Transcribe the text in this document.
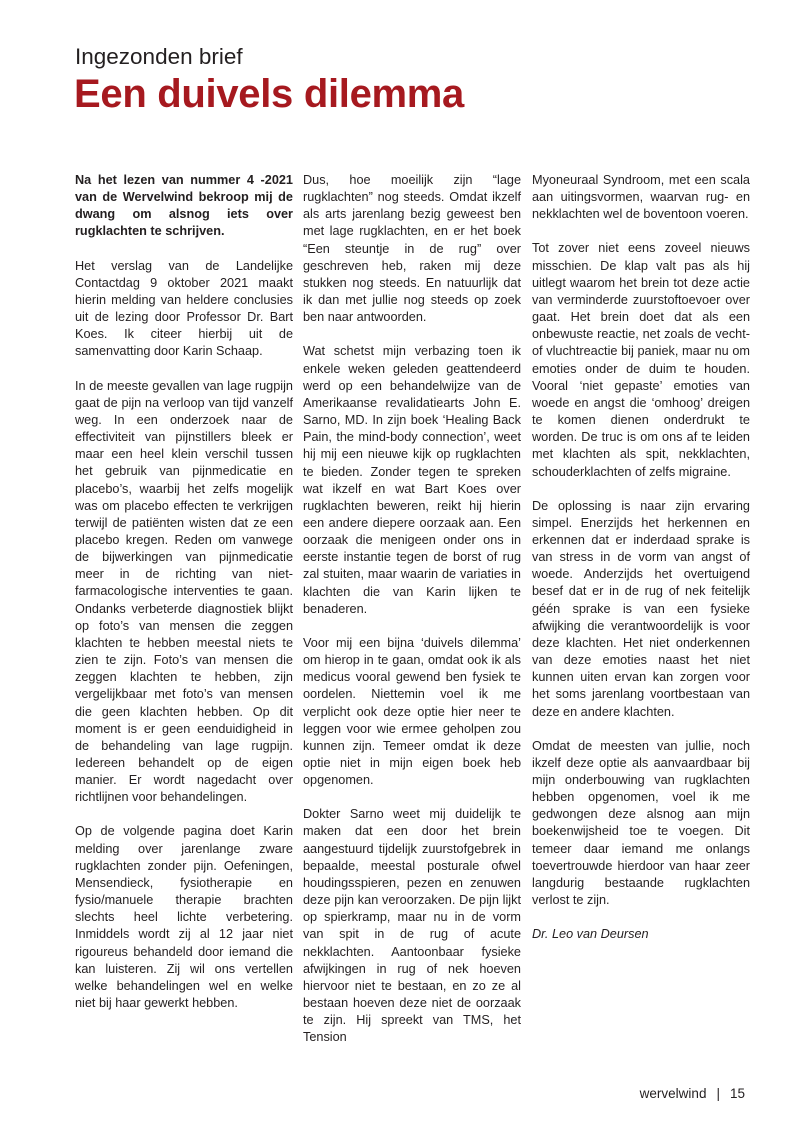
Ingezonden brief
Een duivels dilemma

Na het lezen van nummer 4 -2021 van de Wervelwind bekroop mij de dwang om alsnog iets over rugklachten te schrijven.

Het verslag van de Landelijke Contactdag 9 oktober 2021 maakt hierin melding van heldere conclusies uit de lezing door Professor Dr. Bart Koes. Ik citeer hierbij uit de samenvatting door Karin Schaap.

In de meeste gevallen van lage rugpijn gaat de pijn na verloop van tijd vanzelf weg. In een onderzoek naar de effectiviteit van pijnstillers bleek er maar een heel klein verschil tussen het gebruik van pijnmedicatie en placebo’s, waarbij het zelfs mogelijk was om placebo effecten te verkrijgen terwijl de patiënten wisten dat ze een placebo kregen. Reden om vanwege de bijwerkingen van pijnmedicatie meer in de richting van niet-farmacologische interventies te gaan. Ondanks verbeterde diagnostiek blijkt op foto’s van mensen die zeggen klachten te hebben meestal niets te zien te zijn. Foto’s van mensen die zeggen klachten te hebben, zijn vergelijkbaar met foto’s van mensen die geen klachten hebben. Op dit moment is er geen eenduidigheid in de behandeling van lage rugpijn. Iedereen behandelt op de eigen manier. Er wordt nagedacht over richtlijnen voor behandelingen.

Op de volgende pagina doet Karin melding over jarenlange zware rugklachten zonder pijn. Oefeningen, Mensendieck, fysiotherapie en fysio/manuele therapie brachten slechts heel lichte verbetering. Inmiddels wordt zij al 12 jaar niet rigoureus behandeld door iemand die kan luisteren. Zij wil ons vertellen welke behandelingen wel en welke niet bij haar gewerkt hebben.

Dus, hoe moeilijk zijn “lage rugklachten” nog steeds. Omdat ikzelf als arts jarenlang bezig geweest ben met lage rugklachten, en er het boek “Een steuntje in de rug” over geschreven heb, raken mij deze stukken nog steeds. En natuurlijk dat ik dan met jullie nog steeds op zoek ben naar antwoorden.

Wat schetst mijn verbazing toen ik enkele weken geleden geattendeerd werd op een behandelwijze van de Amerikaanse revalidatiearts John E. Sarno, MD. In zijn boek ‘Healing Back Pain, the mind-body connection’, weet hij mij een nieuwe kijk op rugklachten te bieden. Zonder tegen te spreken wat ikzelf en wat Bart Koes over rugklachten beweren, reikt hij hierin een andere diepere oorzaak aan. Een oorzaak die menigeen onder ons in eerste instantie tegen de borst of rug zal stuiten, maar waarin de variaties in klachten die van Karin lijken te benaderen.

Voor mij een bijna ‘duivels dilemma’ om hierop in te gaan, omdat ook ik als medicus vooral gewend ben fysiek te oordelen. Niettemin voel ik me verplicht ook deze optie hier neer te leggen voor wie ermee geholpen zou kunnen zijn. Temeer omdat ik deze optie niet in mijn eigen boek heb opgenomen.

Dokter Sarno weet mij duidelijk te maken dat een door het brein aangestuurd tijdelijk zuurstofgebrek in bepaalde, meestal posturale ofwel houdingsspieren, pezen en zenuwen deze pijn kan veroorzaken. De pijn lijkt op spierkramp, maar nu in de vorm van spit in de rug of acute nekklachten. Aantoonbaar fysieke afwijkingen in rug of nek hoeven hiervoor niet te bestaan, en zo ze al bestaan hoeven deze niet de oorzaak te zijn. Hij spreekt van TMS, het Tension

Myoneuraal Syndroom, met een scala aan uitingsvormen, waarvan rug- en nekklachten wel de boventoon voeren.

Tot zover niet eens zoveel nieuws misschien. De klap valt pas als hij uitlegt waarom het brein tot deze actie van verminderde zuurstoftoevoer over gaat. Het brein doet dat als een onbewuste reactie, net zoals de vecht- of vluchtreactie bij paniek, maar nu om emoties onder de duim te houden. Vooral ‘niet gepaste’ emoties van woede en angst die ‘omhoog’ dreigen te komen dienen onderdrukt te worden. De truc is om ons af te leiden met klachten als spit, nekklachten, schouderklachten of zelfs migraine.

De oplossing is naar zijn ervaring simpel. Enerzijds het herkennen en erkennen dat er inderdaad sprake is van stress in de vorm van angst of woede. Anderzijds het overtuigend besef dat er in de rug of nek feitelijk géén sprake is van een fysieke afwijking die verantwoordelijk is voor deze klachten. Het niet onderkennen van deze emoties naast het niet kunnen uiten ervan kan zorgen voor het soms jarenlang voortbestaan van deze en andere klachten.

Omdat de meesten van jullie, noch ikzelf deze optie als aanvaardbaar bij mijn onderbouwing van rugklachten hebben opgenomen, voel ik me gedwongen deze alsnog aan mijn boekenwijsheid toe te voegen. Dit temeer daar iemand me onlangs toevertrouwde hierdoor van haar zeer langdurig bestaande rugklachten verlost te zijn.

Dr. Leo van Deursen

wervelwind | 15
